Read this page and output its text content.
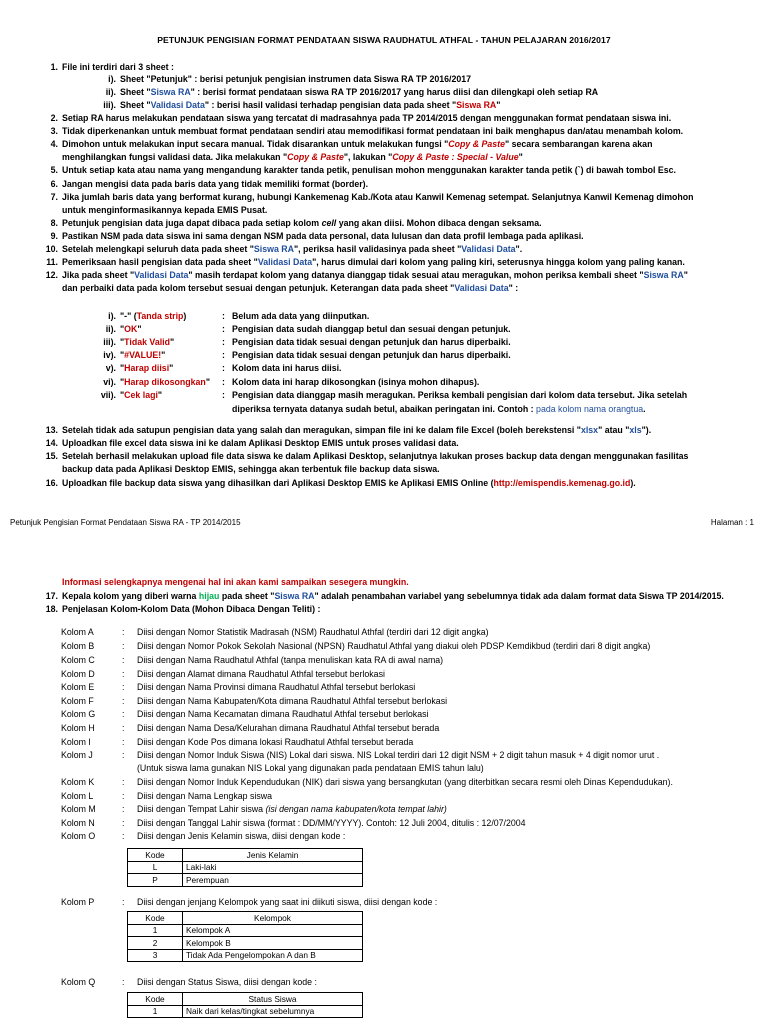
PETUNJUK PENGISIAN FORMAT PENDATAAN SISWA RAUDHATUL ATHFAL - TAHUN PELAJARAN 2016/2017
1. File ini terdiri dari 3 sheet :
i). Sheet "Petunjuk" : berisi petunjuk pengisian instrumen data Siswa RA TP 2016/2017
ii). Sheet "Siswa RA" : berisi format pendataan siswa RA TP 2016/2017 yang harus diisi dan dilengkapi oleh setiap RA
iii). Sheet "Validasi Data" : berisi hasil validasi terhadap pengisian data pada sheet "Siswa RA"
2. Setiap RA harus melakukan pendataan siswa yang tercatat di madrasahnya pada TP 2014/2015 dengan menggunakan format pendataan siswa ini.
3. Tidak diperkenankan untuk membuat format pendataan sendiri atau memodifikasi format pendataan ini baik menghapus dan/atau menambah kolom.
4. Dimohon untuk melakukan input secara manual. Tidak disarankan untuk melakukan fungsi "Copy & Paste" secara sembarangan karena akan
menghilangkan fungsi validasi data. Jika melakukan "Copy & Paste", lakukan "Copy & Paste : Special - Value"
5. Untuk setiap kata atau nama yang mengandung karakter tanda petik, penulisan mohon menggunakan karakter tanda petik (`) di bawah tombol Esc.
6. Jangan mengisi data pada baris data yang tidak memiliki format (border).
7. Jika jumlah baris data yang berformat kurang, hubungi Kankemenag Kab./Kota atau Kanwil Kemenag setempat. Selanjutnya Kanwil Kemenag dimohon
untuk menginformasikannya kepada EMIS Pusat.
8. Petunjuk pengisian data juga dapat dibaca pada setiap kolom cell yang akan diisi. Mohon dibaca dengan seksama.
9. Pastikan NSM pada data siswa ini sama dengan NSM pada data personal, data lulusan dan data profil lembaga pada aplikasi.
10. Setelah melengkapi seluruh data pada sheet "Siswa RA", periksa hasil validasinya pada sheet "Validasi Data".
11. Pemeriksaan hasil pengisian data pada sheet "Validasi Data", harus dimulai dari kolom yang paling kiri, seterusnya hingga kolom yang paling kanan.
12. Jika pada sheet "Validasi Data" masih terdapat kolom yang datanya dianggap tidak sesuai atau meragukan, mohon periksa kembali sheet "Siswa RA"
dan perbaiki data pada kolom tersebut sesuai dengan petunjuk. Keterangan data pada sheet "Validasi Data" :
i). "-" (Tanda strip)	: Belum ada data yang diinputkan.
ii). "OK"	: Pengisian data sudah dianggap betul dan sesuai dengan petunjuk.
iii). "Tidak Valid"	: Pengisian data tidak sesuai dengan petunjuk dan harus diperbaiki.
iv). "#VALUE!"	: Pengisian data tidak sesuai dengan petunjuk dan harus diperbaiki.
v). "Harap diisi"	: Kolom data ini harus diisi.
vi). "Harap dikosongkan" : Kolom data ini harap dikosongkan (isinya mohon dihapus).
vii). "Cek lagi"	: Pengisian data dianggap masih meragukan. Periksa kembali pengisian dari kolom data tersebut. Jika setelah
diperiksa ternyata datanya sudah betul, abaikan peringatan ini. Contoh : pada kolom nama orangtua.
13. Setelah tidak ada satupun pengisian data yang salah dan meragukan, simpan file ini ke dalam file Excel (boleh berekstensi "xlsx" atau "xls").
14. Uploadkan file excel data siswa ini ke dalam Aplikasi Desktop EMIS untuk proses validasi data.
15. Setelah berhasil melakukan upload file data siswa ke dalam Aplikasi Desktop, selanjutnya lakukan proses backup data dengan menggunakan fasilitas
backup data pada Aplikasi Desktop EMIS, sehingga akan terbentuk file backup data siswa.
16. Uploadkan file backup data siswa yang dihasilkan dari Aplikasi Desktop EMIS ke Aplikasi EMIS Online (http://emispendis.kemenag.go.id).
Petunjuk Pengisian Format Pendataan Siswa RA - TP 2014/2015	Halaman : 1
Informasi selengkapnya mengenai hal ini akan kami sampaikan sesegera mungkin.
17. Kepala kolom yang diberi warna hijau pada sheet "Siswa RA" adalah penambahan variabel yang sebelumnya tidak ada dalam format data Siswa TP 2014/2015.
18. Penjelasan Kolom-Kolom Data (Mohon Dibaca Dengan Teliti) :
Kolom A	: Diisi dengan Nomor Statistik Madrasah (NSM) Raudhatul Athfal (terdiri dari 12 digit angka)
Kolom B	: Diisi dengan Nomor Pokok Sekolah Nasional (NPSN) Raudhatul Athfal yang diakui oleh PDSP Kemdikbud (terdiri dari 8 digit angka)
Kolom C	: Diisi dengan Nama Raudhatul Athfal (tanpa menuliskan kata RA di awal nama)
Kolom D	: Diisi dengan Alamat dimana Raudhatul Athfal tersebut berlokasi
Kolom E	: Diisi dengan Nama Provinsi dimana Raudhatul Athfal tersebut berlokasi
Kolom F	: Diisi dengan Nama Kabupaten/Kota dimana Raudhatul Athfal tersebut berlokasi
Kolom G	: Diisi dengan Nama Kecamatan dimana Raudhatul Athfal tersebut berlokasi
Kolom H	: Diisi dengan Nama Desa/Kelurahan dimana Raudhatul Athfal tersebut berada
Kolom I	: Diisi dengan Kode Pos dimana lokasi Raudhatul Athfal tersebut berada
Kolom J	: Diisi dengan Nomor Induk Siswa (NIS) Lokal dari siswa. NIS Lokal terdiri dari 12 digit NSM + 2 digit tahun masuk + 4 digit nomor urut .
(Untuk siswa lama gunakan NIS Lokal yang digunakan pada pendataan EMIS tahun lalu)
Kolom K	: Diisi dengan Nomor Induk Kependudukan (NIK) dari siswa yang bersangkutan (yang diterbitkan secara resmi oleh Dinas Kependudukan).
Kolom L	: Diisi dengan Nama Lengkap siswa
Kolom M	: Diisi dengan Tempat Lahir siswa (isi dengan nama kabupaten/kota tempat lahir)
Kolom N	: Diisi dengan Tanggal Lahir siswa (format : DD/MM/YYYY). Contoh: 12 Juli 2004, ditulis : 12/07/2004
Kolom O	: Diisi dengan Jenis Kelamin siswa, diisi dengan kode :
Kode	Jenis Kelamin
L	Laki-laki
P	Perempuan
Kolom P	: Diisi dengan jenjang Kelompok yang saat ini diikuti siswa, diisi dengan kode :
Kode	Kelompok
1	Kelompok A
2	Kelompok B
3	Tidak Ada Pengelompokan A dan B
Kolom Q	: Diisi dengan Status Siswa, diisi dengan kode :
Kode	Status Siswa
1	Naik dari kelas/tingkat sebelumnya
